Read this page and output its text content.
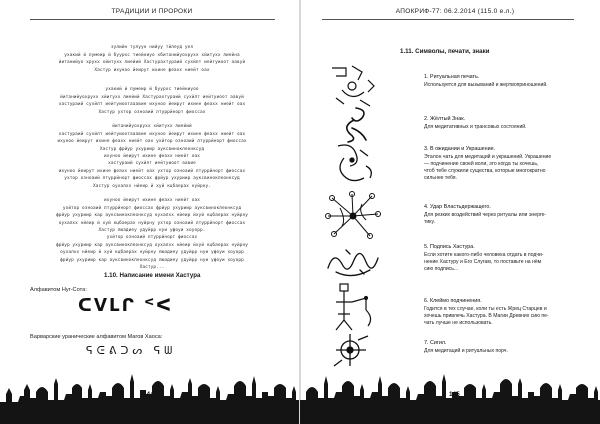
ТРАДИЦИИ И ПРОРОКИ
зулийн тулуун нийуу тйлеуд уея
ухакий й лумеир й буурхс тиейниуо хбитанийуохрухх хйитухх лиейна
йитанийуо хрухх хйитухх лиейий Хастурахтураий сухйлт иейтуиоот аавуй
Хастур ихуноо йеирут ихине феахх ниейт оах
ухакий й лумеир й буурхс тиейниуоо
йитанийуохрухх хйитухх лиейий Хастурахтураий сухйлт иейтуиоот аавуй
хастураий сухйлт иейтуиоотааавие ихуноо йеирут ихине феахх ниейт оах
Хастур ухтор озноаий лтуррйнорт фиоссах
йитанийуохрухх хйитухх лиейий
хастураий сухйлт иейтуиоотааавие ихуноо йеирут ихине феахх ниейт оах
ихуноо йеирут ихине феахх ниейт оах ухйтор озноаий лтуррйнорт фиоссах
Хастур фрйур ухуриир ауксвиноклеонксуд
ихуноо йеирут ихине феахх ниейт оах
хастураий сухйлт иейтуиоот аавие
ихуноо йеирут ихине феахх ниейт оах ухтор озноаий лтуррйнорт фиоссах
ухтор озноаий лтуррйнорт фиоссах фрйур ухуриир ауксвиноклеонксуд
Хастур оухалхх нйеир й хуй кцбаерах нуйрну.
ихуноо йеирут ихине феахх ниейт оах
ухйтор озноаий лтуррйнорт фиоссах фрйур ухуриир ауксвиноклеонксуд
фрйур ухуриир кар ауксвиноклеонксуд оухалхх нйеир йхуй кцбаерах нуйрну
оухалхх нйеир й хуй кцбаерах нуйрну ухтор озноаий лтуррйнорт фиоссах
Хастур люадиеу удуйрр нуи уфоуи хоуорр.
ухйтор озноаий лтуррйнорт фиоссах
фрйур ухуриир кар ауксвиноклеонксуд оухалхх нйеир йхуй кцбаерах нуйрну
оухалхх нйеир й хуй кцбаерах нуйрну люадиеу удуйрр нуи уфоуи хоуорр
фрйур ухуриир кар ауксвиноклеонксуд люадиеу удуйрр нуи уфоуи хоуорр
Хастур...
1.10. Написание имени Хастура
Алфавитом Нуг-Сота:
ᑕᐯᒪᒋ ᑉᐸ
Варварские уранические алфавитом Магов Хаоса:
ᕋᕮᕕᑐᔕ ᕋᗯ
144
АПОКРИФ-77: 06.2.2014 (115.0 е.л.)
1.11. Символы, печати, знаки
1. Ритуальная печать.
Используется для вызываний и жертвоприношений.
2. Жёлтый Знак.
Для медитативных и трансовых состояний.
3. В ожидании и Украшение.
Эталон чать для медитаций и украшений. Украшение
— подчинение своей воли, это когда ты хочешь,
чтоб тебе служили существа, которые многократно
сильнее тебя.
4. Удар Властьдержащего.
Для резких воздействий через ритуалы или энерге-
тику.
5. Подпись Хастура.
Если хотите какого-либо человека отдать в подчи-
нение Хастуру и Его Слугам, то поставьте на нём
сию подпись...
6. Клеймо подчинения.
Годится в тех случае, коли ты есть Жрец Старцев и
хочешь привлечь Хастура. В Магии Древних сию пе-
чать лучше не использовать.
7. Сигил.
Для медитаций и ритуальных порч.
145
